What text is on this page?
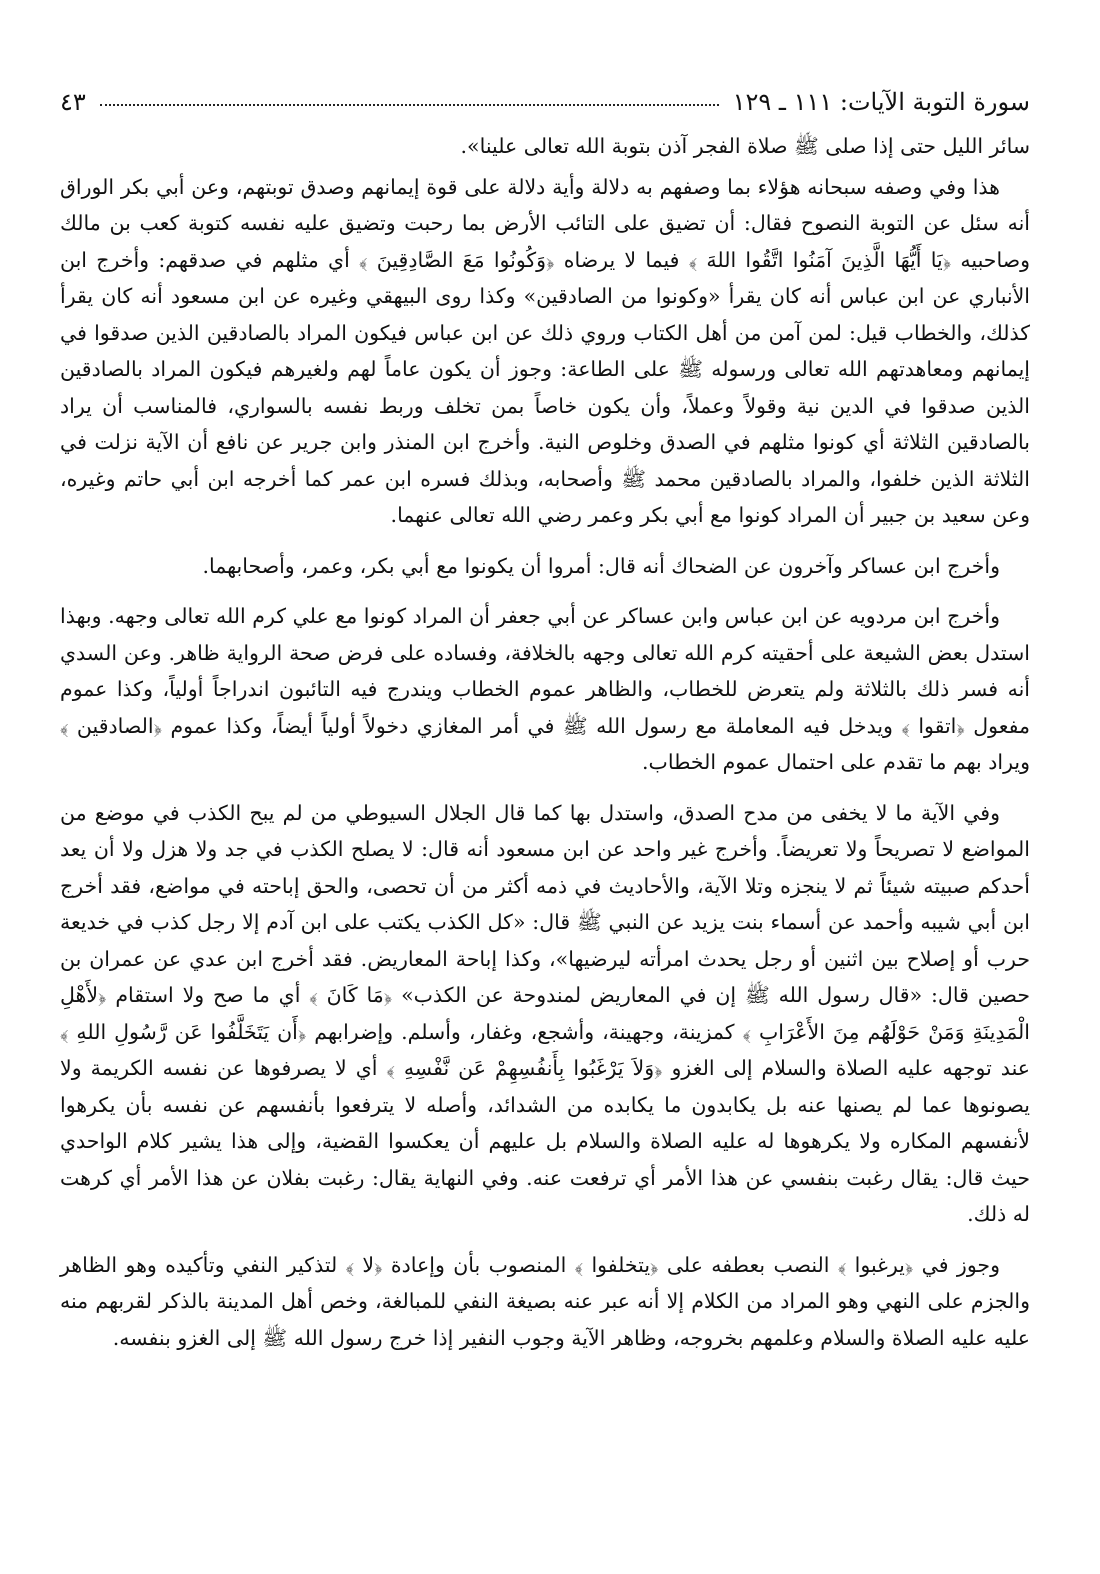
سورة التوبة الآيات: ١١١ ـ ١٢٩
٤٣

سائر الليل حتى إذا صلى ﷺ صلاة الفجر آذن بتوبة الله تعالى علينا».

هذا وفي وصفه سبحانه هؤلاء بما وصفهم به دلالة وأية دلالة على قوة إيمانهم وصدق توبتهم، وعن أبي بكر الوراق أنه سئل عن التوبة النصوح فقال: أن تضيق على التائب الأرض بما رحبت وتضيق عليه نفسه كتوبة كعب بن مالك وصاحبيه ﴿يَا أَيُّهَا الَّذِينَ آمَنُوا اتَّقُوا اللهَ ﴾ فيما لا يرضاه ﴿وَكُونُوا مَعَ الصَّادِقِينَ ﴾ أي مثلهم في صدقهم: وأخرج ابن الأنباري عن ابن عباس أنه كان يقرأ «وكونوا من الصادقين» وكذا روى البيهقي وغيره عن ابن مسعود أنه كان يقرأ كذلك، والخطاب قيل: لمن آمن من أهل الكتاب وروي ذلك عن ابن عباس فيكون المراد بالصادقين الذين صدقوا في إيمانهم ومعاهدتهم الله تعالى ورسوله ﷺ على الطاعة: وجوز أن يكون عاماً لهم ولغيرهم فيكون المراد بالصادقين الذين صدقوا في الدين نية وقولاً وعملاً، وأن يكون خاصاً بمن تخلف وربط نفسه بالسواري، فالمناسب أن يراد بالصادقين الثلاثة أي كونوا مثلهم في الصدق وخلوص النية. وأخرج ابن المنذر وابن جرير عن نافع أن الآية نزلت في الثلاثة الذين خلفوا، والمراد بالصادقين محمد ﷺ وأصحابه، وبذلك فسره ابن عمر كما أخرجه ابن أبي حاتم وغيره، وعن سعيد بن جبير أن المراد كونوا مع أبي بكر وعمر رضي الله تعالى عنهما.

وأخرج ابن عساكر وآخرون عن الضحاك أنه قال: أمروا أن يكونوا مع أبي بكر، وعمر، وأصحابهما.

وأخرج ابن مردويه عن ابن عباس وابن عساكر عن أبي جعفر أن المراد كونوا مع علي كرم الله تعالى وجهه. وبهذا استدل بعض الشيعة على أحقيته كرم الله تعالى وجهه بالخلافة، وفساده على فرض صحة الرواية ظاهر. وعن السدي أنه فسر ذلك بالثلاثة ولم يتعرض للخطاب، والظاهر عموم الخطاب ويندرج فيه التائبون اندراجاً أولياً، وكذا عموم مفعول ﴿اتقوا ﴾ ويدخل فيه المعاملة مع رسول الله ﷺ في أمر المغازي دخولاً أولياً أيضاً، وكذا عموم ﴿الصادقين ﴾ ويراد بهم ما تقدم على احتمال عموم الخطاب.

وفي الآية ما لا يخفى من مدح الصدق، واستدل بها كما قال الجلال السيوطي من لم يبح الكذب في موضع من المواضع لا تصريحاً ولا تعريضاً. وأخرج غير واحد عن ابن مسعود أنه قال: لا يصلح الكذب في جد ولا هزل ولا أن يعد أحدكم صبيته شيئاً ثم لا ينجزه وتلا الآية، والأحاديث في ذمه أكثر من أن تحصى، والحق إباحته في مواضع، فقد أخرج ابن أبي شيبه وأحمد عن أسماء بنت يزيد عن النبي ﷺ قال: «كل الكذب يكتب على ابن آدم إلا رجل كذب في خديعة حرب أو إصلاح بين اثنين أو رجل يحدث امرأته ليرضيها»، وكذا إباحة المعاريض. فقد أخرج ابن عدي عن عمران بن حصين قال: «قال رسول الله ﷺ إن في المعاريض لمندوحة عن الكذب» ﴿مَا كَانَ ﴾ أي ما صح ولا استقام ﴿لأَهْلِ الْمَدِينَةِ وَمَنْ حَوْلَهُم مِنَ الأَعْرَابِ ﴾ كمزينة، وجهينة، وأشجع، وغفار، وأسلم. وإضرابهم ﴿أَن يَتَخَلَّفُوا عَن رَّسُولِ اللهِ ﴾ عند توجهه عليه الصلاة والسلام إلى الغزو ﴿وَلاَ يَرْغَبُوا بِأَنفُسِهِمْ عَن نَّفْسِهِ ﴾ أي لا يصرفوها عن نفسه الكريمة ولا يصونوها عما لم يصنها عنه بل يكابدون ما يكابده من الشدائد، وأصله لا يترفعوا بأنفسهم عن نفسه بأن يكرهوا لأنفسهم المكاره ولا يكرهوها له عليه الصلاة والسلام بل عليهم أن يعكسوا القضية، وإلى هذا يشير كلام الواحدي حيث قال: يقال رغبت بنفسي عن هذا الأمر أي ترفعت عنه. وفي النهاية يقال: رغبت بفلان عن هذا الأمر أي كرهت له ذلك.

وجوز في ﴿يرغبوا ﴾ النصب بعطفه على ﴿يتخلفوا ﴾ المنصوب بأن وإعادة ﴿لا ﴾ لتذكير النفي وتأكيده وهو الظاهر والجزم على النهي وهو المراد من الكلام إلا أنه عبر عنه بصيغة النفي للمبالغة، وخص أهل المدينة بالذكر لقربهم منه عليه عليه الصلاة والسلام وعلمهم بخروجه، وظاهر الآية وجوب النفير إذا خرج رسول الله ﷺ إلى الغزو بنفسه.
